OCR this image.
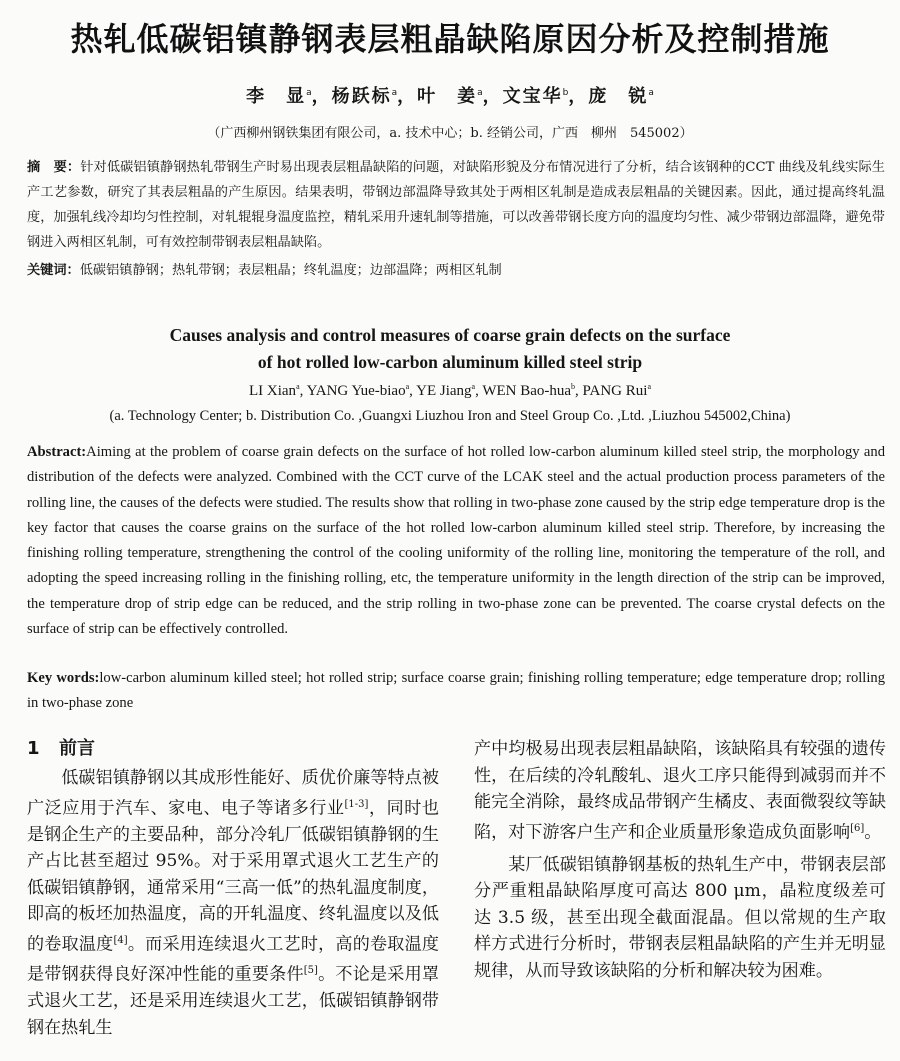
热轧低碳铝镇静钢表层粗晶缺陷原因分析及控制措施
李　显$^a$，杨跃标$^a$，叶　姜$^a$，文宝华$^b$，庞　锐$^a$
（广西柳州钢铁集团有限公司，a. 技术中心；b. 经销公司，广西　柳州　545002）
摘　要：针对低碳铝镇静钢热轧带钢生产时易出现表层粗晶缺陷的问题，对缺陷形貌及分布情况进行了分析，结合该钢种的CCT 曲线及轧线实际生产工艺参数，研究了其表层粗晶的产生原因。结果表明，带钢边部温降导致其处于两相区轧制是造成表层粗晶的关键因素。因此，通过提高终轧温度，加强轧线冷却均匀性控制，对轧辊辊身温度监控，精轧采用升速轧制等措施，可以改善带钢长度方向的温度均匀性、减少带钢边部温降，避免带钢进入两相区轧制，可有效控制带钢表层粗晶缺陷。
关键词：低碳铝镇静钢；热轧带钢；表层粗晶；终轧温度；边部温降；两相区轧制
Causes analysis and control measures of coarse grain defects on the surface
of hot rolled low-carbon aluminum killed steel strip
LI Xian$^a$, YANG Yue-biao$^a$, YE Jiang$^a$, WEN Bao-hua$^b$, PANG Rui$^a$
(a. Technology Center; b. Distribution Co. ,Guangxi Liuzhou Iron and Steel Group Co. ,Ltd. ,Liuzhou 545002,China)
Abstract:Aiming at the problem of coarse grain defects on the surface of hot rolled low-carbon aluminum killed steel strip, the morphology and distribution of the defects were analyzed. Combined with the CCT curve of the LCAK steel and the actual production process parameters of the rolling line, the causes of the defects were studied. The results show that rolling in two-phase zone caused by the strip edge temperature drop is the key factor that causes the coarse grains on the surface of the hot rolled low-carbon aluminum killed steel strip. Therefore, by increasing the finishing rolling temperature, strengthening the control of the cooling uniformity of the rolling line, monitoring the temperature of the roll, and adopting the speed increasing rolling in the finishing rolling, etc, the temperature uniformity in the length direction of the strip can be improved, the temperature drop of strip edge can be reduced, and the strip rolling in two-phase zone can be prevented. The coarse crystal defects on the surface of strip can be effectively controlled.
Key words:low-carbon aluminum killed steel; hot rolled strip; surface coarse grain; finishing rolling temperature; edge temperature drop; rolling in two-phase zone
1 前言

低碳铝镇静钢以其成形性能好、质优价廉等特点被广泛应用于汽车、家电、电子等诸多行业[1-3]，同时也是钢企生产的主要品种，部分冷轧厂低碳铝镇静钢的生产占比甚至超过 95%。对于采用罩式退火工艺生产的低碳铝镇静钢，通常采用“三高一低”的热轧温度制度，即高的板坯加热温度，高的开轧温度、终轧温度以及低的卷取温度[4]。而采用连续退火工艺时，高的卷取温度是带钢获得良好深冲性能的重要条件[5]。不论是采用罩式退火工艺，还是采用连续退火工艺，低碳铝镇静钢带钢在热轧生

产中均极易出现表层粗晶缺陷，该缺陷具有较强的遗传性，在后续的冷轧酸轧、退火工序只能得到减弱而并不能完全消除，最终成品带钢产生橘皮、表面微裂纹等缺陷，对下游客户生产和企业质量形象造成负面影响[6]。

某厂低碳铝镇静钢基板的热轧生产中，带钢表层部分严重粗晶缺陷厚度可高达 800 μm，晶粒度级差可达 3.5 级，甚至出现全截面混晶。但以常规的生产取样方式进行分析时，带钢表层粗晶缺陷的产生并无明显规律，从而导致该缺陷的分析和解决较为困难。
